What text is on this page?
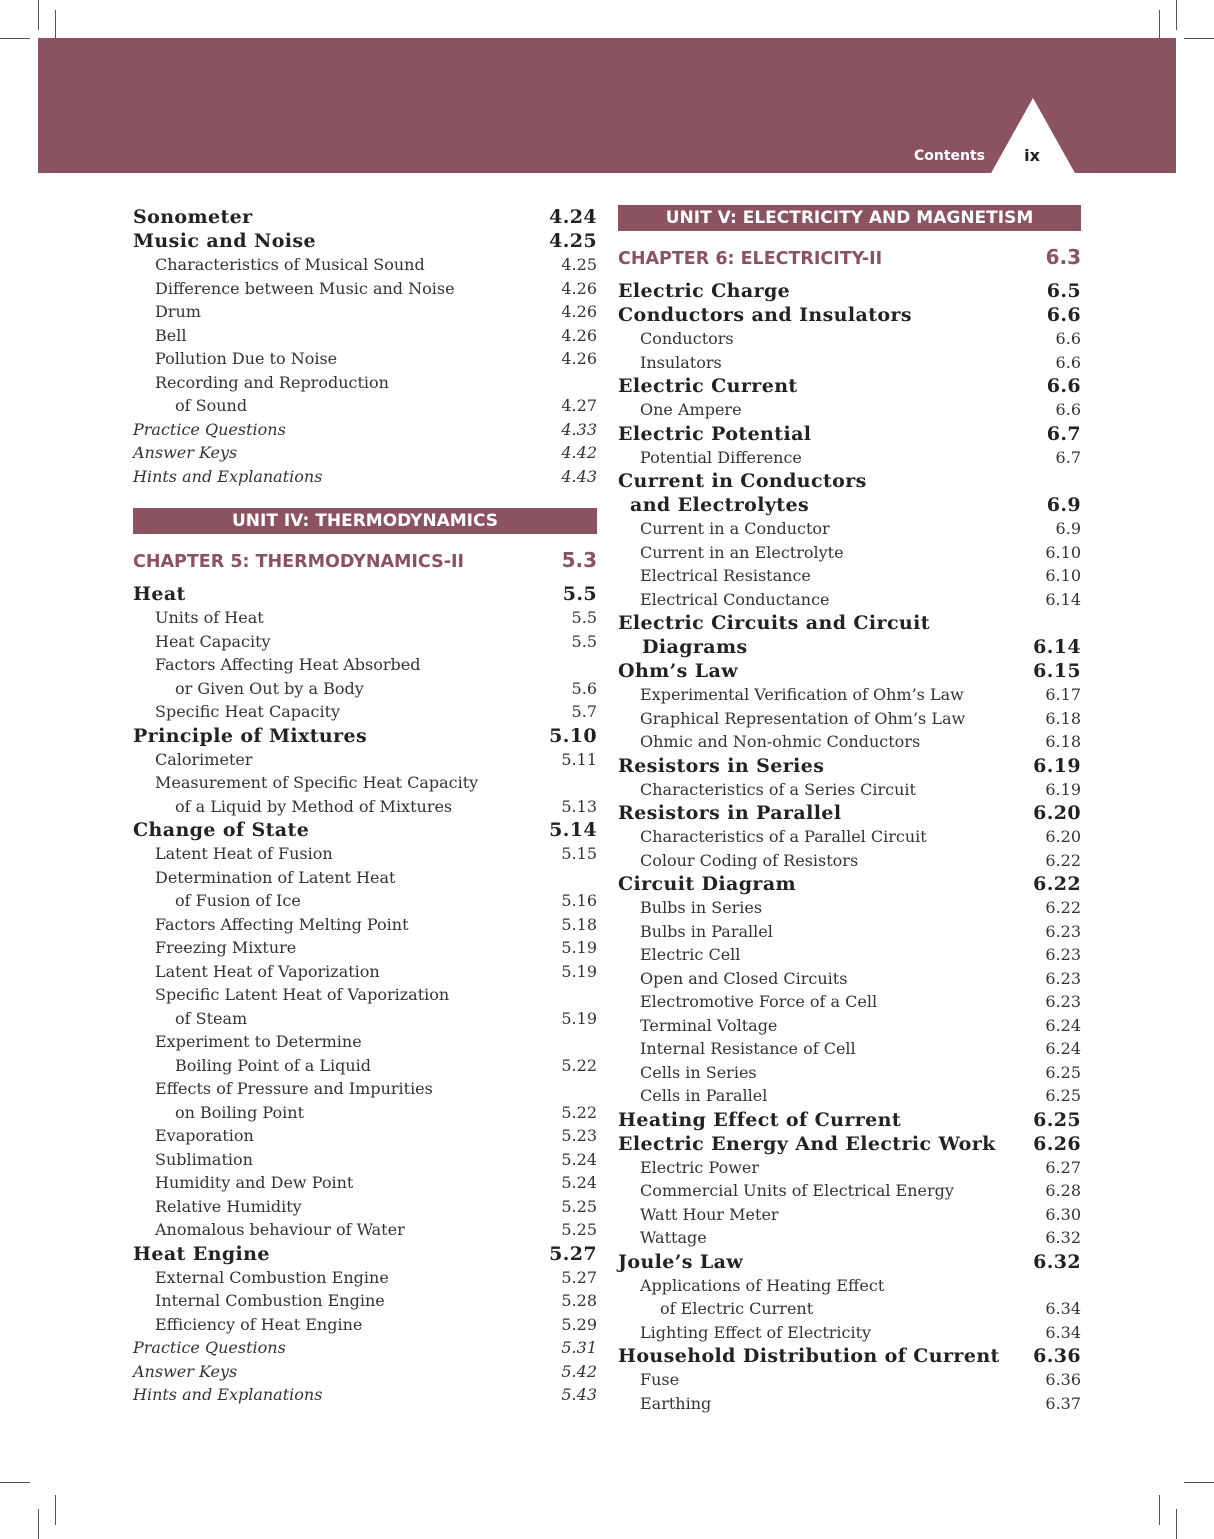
Contents	ix
Sonometer	4.24
Music and Noise	4.25
Characteristics of Musical Sound	4.25
Difference between Music and Noise	4.26
Drum	4.26
Bell	4.26
Pollution Due to Noise	4.26
Recording and Reproduction
of Sound	4.27
Practice Questions	4.33
Answer Keys	4.42
Hints and Explanations	4.43
UNIT IV: THERMODYNAMICS
CHAPTER 5: THERMODYNAMICS-II	5.3
Heat	5.5
Units of Heat	5.5
Heat Capacity	5.5
Factors Affecting Heat Absorbed
or Given Out by a Body	5.6
Specific Heat Capacity	5.7
Principle of Mixtures	5.10
Calorimeter	5.11
Measurement of Specific Heat Capacity
of a Liquid by Method of Mixtures	5.13
Change of State	5.14
Latent Heat of Fusion	5.15
Determination of Latent Heat
of Fusion of Ice	5.16
Factors Affecting Melting Point	5.18
Freezing Mixture	5.19
Latent Heat of Vaporization	5.19
Specific Latent Heat of Vaporization
of Steam	5.19
Experiment to Determine
Boiling Point of a Liquid	5.22
Effects of Pressure and Impurities
on Boiling Point	5.22
Evaporation	5.23
Sublimation	5.24
Humidity and Dew Point	5.24
Relative Humidity	5.25
Anomalous behaviour of Water	5.25
Heat Engine	5.27
External Combustion Engine	5.27
Internal Combustion Engine	5.28
Efficiency of Heat Engine	5.29
Practice Questions	5.31
Answer Keys	5.42
Hints and Explanations	5.43
UNIT V: ELECTRICITY AND MAGNETISM
CHAPTER 6: ELECTRICITY-II	6.3
Electric Charge	6.5
Conductors and Insulators	6.6
Conductors	6.6
Insulators	6.6
Electric Current	6.6
One Ampere	6.6
Electric Potential	6.7
Potential Difference	6.7
Current in Conductors
and Electrolytes	6.9
Current in a Conductor	6.9
Current in an Electrolyte	6.10
Electrical Resistance	6.10
Electrical Conductance	6.14
Electric Circuits and Circuit
Diagrams	6.14
Ohm’s Law	6.15
Experimental Verification of Ohm’s Law	6.17
Graphical Representation of Ohm’s Law	6.18
Ohmic and Non-ohmic Conductors	6.18
Resistors in Series	6.19
Characteristics of a Series Circuit	6.19
Resistors in Parallel	6.20
Characteristics of a Parallel Circuit	6.20
Colour Coding of Resistors	6.22
Circuit Diagram	6.22
Bulbs in Series	6.22
Bulbs in Parallel	6.23
Electric Cell	6.23
Open and Closed Circuits	6.23
Electromotive Force of a Cell	6.23
Terminal Voltage	6.24
Internal Resistance of Cell	6.24
Cells in Series	6.25
Cells in Parallel	6.25
Heating Effect of Current	6.25
Electric Energy And Electric Work 6.26
Electric Power	6.27
Commercial Units of Electrical Energy	6.28
Watt Hour Meter	6.30
Wattage	6.32
Joule’s Law	6.32
Applications of Heating Effect
of Electric Current	6.34
Lighting Effect of Electricity	6.34
Household Distribution of Current 6.36
Fuse	6.36
Earthing	6.37
